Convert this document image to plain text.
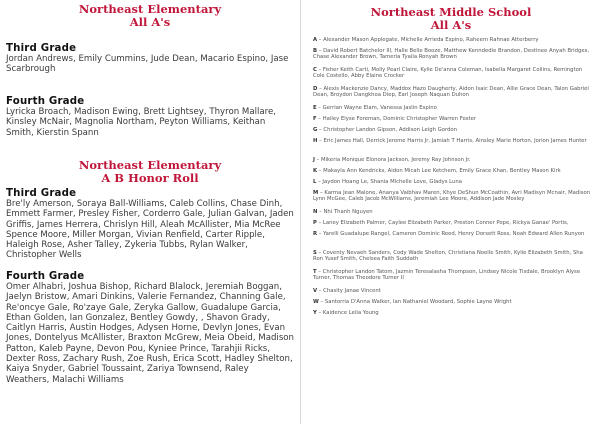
Northeast Elementary
All A's

Third Grade

Jordan Andrews, Emily Cummins, Jude Dean, Macario Espino, Jase Scarbrough

Fourth Grade

Lyricka Broach, Madison Ewing, Brett Lightsey, Thyron Mallare, Kinsley McNair, Magnolia Northam, Peyton Williams, Keithan Smith, Kierstin Spann

Northeast Elementary
A B Honor Roll

Third Grade

Bre'ly Amerson, Soraya Ball-Williams, Caleb Collins, Chase Dinh, Emmett Farmer, Presley Fisher, Corderro Gale, Julian Galvan, Jaden Griffis, James Herrera, Chrislyn Hill, Aleah McAllister, Mia McRee Spence Moore, Miller Morgan, Vivian Renfield, Carter Ripple, Haleigh Rose, Asher Talley, Zykeria Tubbs, Rylan Walker, Christopher Wells

Fourth Grade

Omer Alhabri, Joshua Bishop, Richard Blalock, Jeremiah Boggan, Jaelyn Bristow, Amari Dinkins, Valerie Fernandez, Channing Gale, Re'oncye Gale, Ro'zaye Gale, Zeryka Gallow, Guadalupe Garcia, Ethan Golden, Ian Gonzalez, Bentley Gowdy, , Shavon Grady, Caitlyn Harris, Austin Hodges, Adysen Horne, Devlyn Jones, Evan Jones, Dontelyus McAllister, Braxton McGrew, Meia Obeid, Madison Patton, Kaleb Payne, Devon Pou, Kyniee Prince, Tarahjii Ricks, Dexter Ross, Zachary Rush, Zoe Rush, Erica Scott, Hadley Shelton, Kaiya Snyder, Gabriel Toussaint, Zariya Townsend, Raley Weathers, Malachi Williams

Northeast Middle School
All A's

A – Alexander Mason Applegate, Michelle Arrieda Espino, Raheem Rahnae Atterberry

B – David Robert Batchelor III, Halle Belle Booze, Matthew Kenndedie Brandon, Destinee Anyah Bridges, Chase Alexander Brown, Tameria Tyaila Ronyah Brown

C – Fisher Keith Carti, Molly Pearl Claire, Kylie De'anna Coleman, Isabella Margaret Collins, Remington Cole Costello, Abby Elaine Crocker

D – Alexis Mackenzie Dancy, Maddox Hazo Daugherty, Aidon Isaic Dean, Allie Grace Dean, Talon Gabriel Dean, Broydon Dangkhoa Diep, Earl Joseph Naquan Duhon

E – Gerrian Wayne Elam, Vanessa Jaslin Espino

F – Hailey Elyse Foreman, Dominic Christopher Warren Foster

G – Christopher Landon Gipson, Addison Leigh Gordon

H – Eric James Hall, Derrick Jerome Harris Jr, Jamiah T Harris, Ainsley Marie Horton, Jorion James Hunter

J – Mikeria Monique Elonora Jackson, Jeremy Ray Johnson Jr.

K – Makayla Ann Kendricks, Aidon Micah Lee Ketchem, Emily Grace Khan, Bentley Mason Kirk

L – Jaydon Hoang Le, Shania Michelle Love, Gladys Luna

M – Karma Jean Malone, Ananya Vaibhav Maren, Khye DeShun McCoathin, Avri Madisyn Mcnair, Madison Lynn McGee, Caleb Jacob McWilliams, Jeremiah Lee Moore, Addison Jade Mosley

N – Nhi Thanh Nguyen

P – Laney Elizabeth Palmer, Caylee Elizabeth Parker, Preston Conner Pope, Rickya Ganae' Portis,

R – Yarelli Guadalupe Rangel, Cameron Dominic Reed, Henry Dorsett Ross, Noah Edward Allen Runyon

S – Coventy Nevaeh Sanders, Cody Wade Shelton, Christiana Noelle Smith, Kylie Elizabeth Smith, Sha Ron Yusef Smith, Chelsea Faith Suddath

T – Christopher Landon Tatom, Jazmin Teresalasha Thompson, Lindsey Nicole Tisdale, Brooklyn Alyse Turner, Thomas Theodore Turner II

V – Chasity Janae Vincent

W – Santorria D'Anna Walker, Ian Nathaniel Woodard, Sophie Layne Wright

Y – Kaidence Leila Young
